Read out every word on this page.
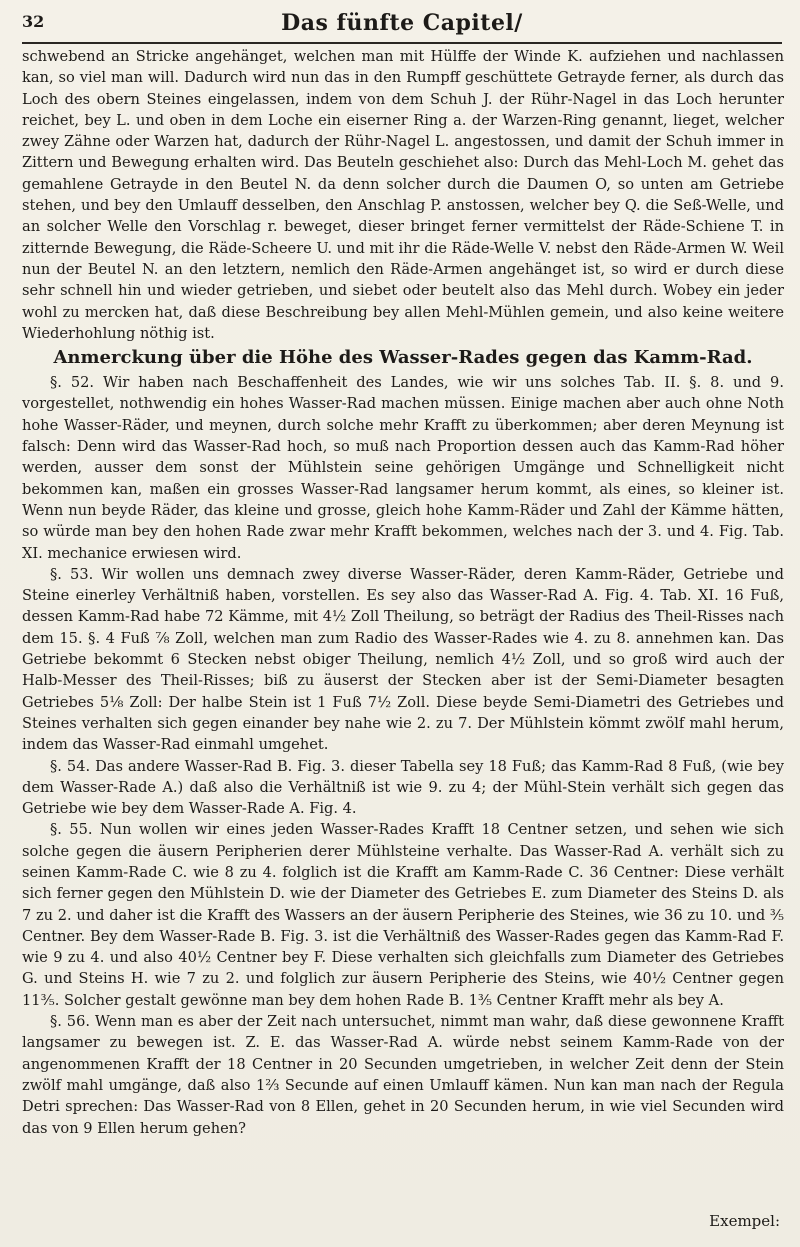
32	Das fünfte Capitel/

schwebend an Stricke angehänget, welchen man mit Hülffe der Winde K. aufziehen und nachlassen kan, so viel man will. Dadurch wird nun das in den Rumpff geschüttete Getrayde ferner, als durch das Loch des obern Steines eingelassen, indem von dem Schuh J. der Rühr-Nagel in das Loch herunter reichet, bey L. und oben in dem Loche ein eiserner Ring a. der Warzen-Ring genannt, lieget, welcher zwey Zähne oder Warzen hat, dadurch der Rühr-Nagel L. angestossen, und damit der Schuh immer in Zittern und Bewegung erhalten wird. Das Beuteln geschiehet also: Durch das Mehl-Loch M. gehet das gemahlene Getrayde in den Beutel N. da denn solcher durch die Daumen O, so unten am Getriebe stehen, und bey den Umlauff desselben, den Anschlag P. anstossen, welcher bey Q. die Seß-Welle, und an solcher Welle den Vorschlag r. beweget, dieser bringet ferner vermittelst der Räde-Schiene T. in zitternde Bewegung, die Räde-Scheere U. und mit ihr die Räde-Welle V. nebst den Räde-Armen W. Weil nun der Beutel N. an den letztern, nemlich den Räde-Armen angehänget ist, so wird er durch diese sehr schnell hin und wieder getrieben, und siebet oder beutelt also das Mehl durch. Wobey ein jeder wohl zu mercken hat, daß diese Beschreibung bey allen Mehl-Mühlen gemein, und also keine weitere Wiederhohlung nöthig ist.

Anmerckung über die Höhe des Wasser-Rades gegen das Kamm-Rad.

§. 52. Wir haben nach Beschaffenheit des Landes, wie wir uns solches Tab. II. §. 8. und 9. vorgestellet, nothwendig ein hohes Wasser-Rad machen müssen. Einige machen aber auch ohne Noth hohe Wasser-Räder, und meynen, durch solche mehr Krafft zu überkommen; aber deren Meynung ist falsch: Denn wird das Wasser-Rad hoch, so muß nach Proportion dessen auch das Kamm-Rad höher werden, ausser dem sonst der Mühlstein seine gehörigen Umgänge und Schnelligkeit nicht bekommen kan, maßen ein grosses Wasser-Rad langsamer herum kommt, als eines, so kleiner ist. Wenn nun beyde Räder, das kleine und grosse, gleich hohe Kamm-Räder und Zahl der Kämme hätten, so würde man bey den hohen Rade zwar mehr Krafft bekommen, welches nach der 3. und 4. Fig. Tab. XI. mechanice erwiesen wird.

§. 53. Wir wollen uns demnach zwey diverse Wasser-Räder, deren Kamm-Räder, Getriebe und Steine einerley Verhältniß haben, vorstellen. Es sey also das Wasser-Rad A. Fig. 4. Tab. XI. 16 Fuß, dessen Kamm-Rad habe 72 Kämme, mit 4½ Zoll Theilung, so beträgt der Radius des Theil-Risses nach dem 15. §. 4 Fuß ⅞ Zoll, welchen man zum Radio des Wasser-Rades wie 4. zu 8. annehmen kan. Das Getriebe bekommt 6 Stecken nebst obiger Theilung, nemlich 4½ Zoll, und so groß wird auch der Halb-Messer des Theil-Risses; biß zu äuserst der Stecken aber ist der Semi-Diameter besagten Getriebes 5⅛ Zoll: Der halbe Stein ist 1 Fuß 7½ Zoll. Diese beyde Semi-Diametri des Getriebes und Steines verhalten sich gegen einander bey nahe wie 2. zu 7. Der Mühlstein kömmt zwölf mahl herum, indem das Wasser-Rad einmahl umgehet.

§. 54. Das andere Wasser-Rad B. Fig. 3. dieser Tabella sey 18 Fuß; das Kamm-Rad 8 Fuß, (wie bey dem Wasser-Rade A.) daß also die Verhältniß ist wie 9. zu 4; der Mühl-Stein verhält sich gegen das Getriebe wie bey dem Wasser-Rade A. Fig. 4.

§. 55. Nun wollen wir eines jeden Wasser-Rades Krafft 18 Centner setzen, und sehen wie sich solche gegen die äusern Peripherien derer Mühlsteine verhalte. Das Wasser-Rad A. verhält sich zu seinen Kamm-Rade C. wie 8 zu 4. folglich ist die Krafft am Kamm-Rade C. 36 Centner: Diese verhält sich ferner gegen den Mühlstein D. wie der Diameter des Getriebes E. zum Diameter des Steins D. als 7 zu 2. und daher ist die Krafft des Wassers an der äusern Peripherie des Steines, wie 36 zu 10. und ⅗ Centner. Bey dem Wasser-Rade B. Fig. 3. ist die Verhältniß des Wasser-Rades gegen das Kamm-Rad F. wie 9 zu 4. und also 40½ Centner bey F. Diese verhalten sich gleichfalls zum Diameter des Getriebes G. und Steins H. wie 7 zu 2. und folglich zur äusern Peripherie des Steins, wie 40½ Centner gegen 11⅗. Solcher gestalt gewönne man bey dem hohen Rade B. 1⅗ Centner Krafft mehr als bey A.

§. 56. Wenn man es aber der Zeit nach untersuchet, nimmt man wahr, daß diese gewonnene Krafft langsamer zu bewegen ist. Z. E. das Wasser-Rad A. würde nebst seinem Kamm-Rade von der angenommenen Krafft der 18 Centner in 20 Secunden umgetrieben, in welcher Zeit denn der Stein zwölf mahl umgänge, daß also 1⅔ Secunde auf einen Umlauff kämen. Nun kan man nach der Regula Detri sprechen: Das Wasser-Rad von 8 Ellen, gehet in 20 Secunden herum, in wie viel Secunden wird das von 9 Ellen herum gehen?

Exempel:
